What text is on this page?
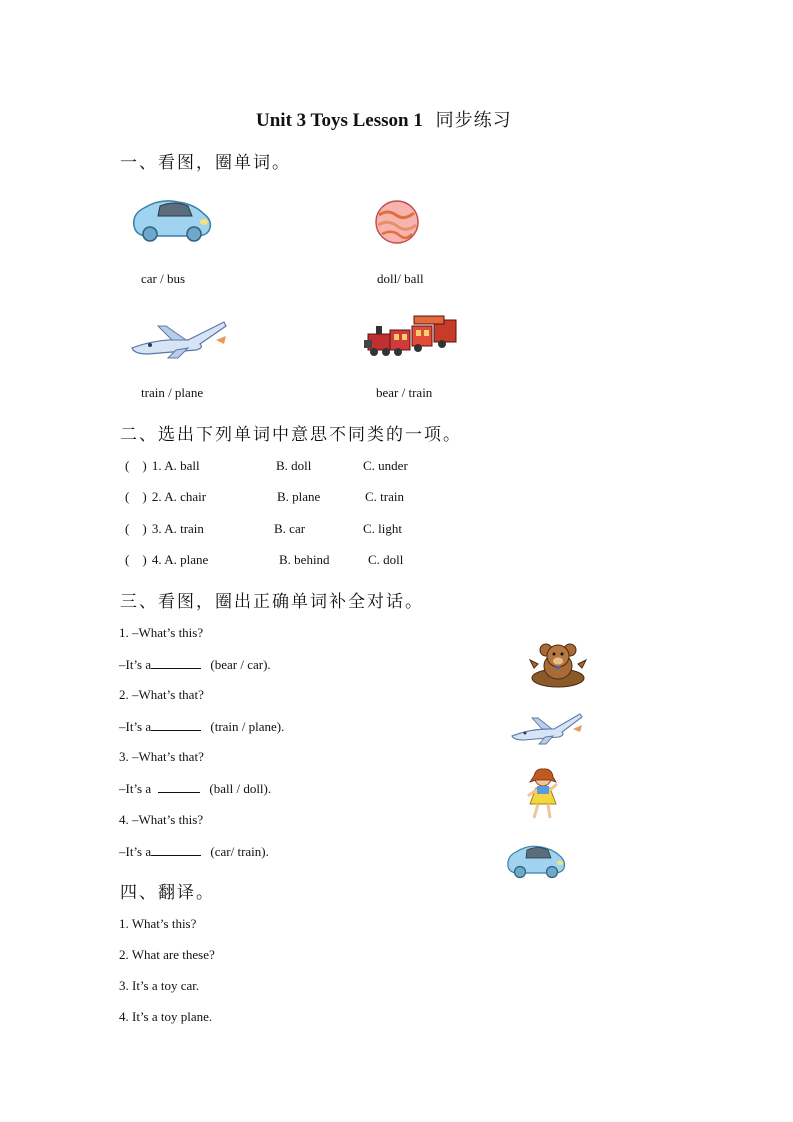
Unit 3 Toys Lesson 1 同步练习
一、看图，圈单词。
car / bus	doll/ ball
train / plane	bear / train
二、选出下列单词中意思不同类的一项。
(    ) 1. A. ball	B. doll	C. under
(    ) 2. A. chair	B. plane	C. train
(    ) 3. A. train	B. car	C. light
(    ) 4. A. plane	B. behind	C. doll
三、看图，圈出正确单词补全对话。
1. –What’s this?
–It’s a	(bear / car).
2. –What’s that?
–It’s a	(train / plane).
3. –What’s that?
–It’s a	(ball / doll).
4. –What’s this?
–It’s a	(car/ train).
四、翻译。
1. What’s this?
2. What are these?
3. It’s a toy car.
4. It’s a toy plane.
